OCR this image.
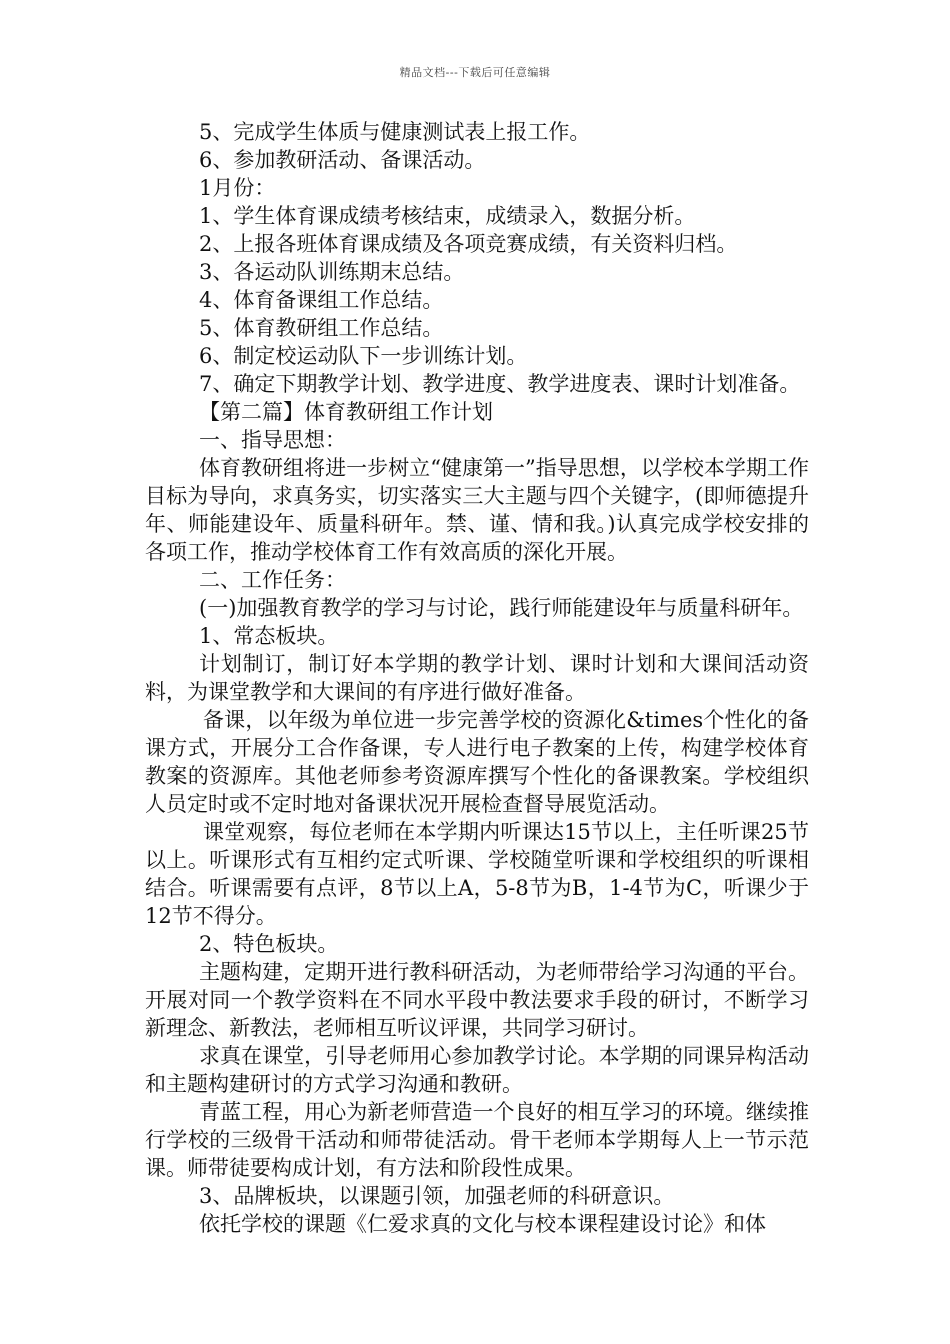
精品文档---下载后可任意编辑

5、完成学生体质与健康测试表上报工作。

6、参加教研活动、备课活动。

1月份：

1、学生体育课成绩考核结束，成绩录入，数据分析。

2、上报各班体育课成绩及各项竞赛成绩，有关资料归档。

3、各运动队训练期末总结。

4、体育备课组工作总结。

5、体育教研组工作总结。

6、制定校运动队下一步训练计划。

7、确定下期教学计划、教学进度、教学进度表、课时计划准备。

【第二篇】体育教研组工作计划

一、指导思想：

体育教研组将进一步树立“健康第一”指导思想，以学校本学期工作目标为导向，求真务实，切实落实三大主题与四个关键字，(即师德提升年、师能建设年、质量科研年。禁、谨、情和我。)认真完成学校安排的各项工作，推动学校体育工作有效高质的深化开展。

二、工作任务：

(一)加强教育教学的学习与讨论，践行师能建设年与质量科研年。

1、常态板块。

计划制订，制订好本学期的教学计划、课时计划和大课间活动资料，为课堂教学和大课间的有序进行做好准备。

备课，以年级为单位进一步完善学校的资源化&times个性化的备课方式，开展分工合作备课，专人进行电子教案的上传，构建学校体育教案的资源库。其他老师参考资源库撰写个性化的备课教案。学校组织人员定时或不定时地对备课状况开展检查督导展览活动。

课堂观察，每位老师在本学期内听课达15节以上，主任听课25节以上。听课形式有互相约定式听课、学校随堂听课和学校组织的听课相结合。听课需要有点评，8节以上A，5-8节为B，1-4节为C，听课少于12节不得分。

2、特色板块。

主题构建，定期开进行教科研活动，为老师带给学习沟通的平台。开展对同一个教学资料在不同水平段中教法要求手段的研讨，不断学习新理念、新教法，老师相互听议评课，共同学习研讨。

求真在课堂，引导老师用心参加教学讨论。本学期的同课异构活动和主题构建研讨的方式学习沟通和教研。

青蓝工程，用心为新老师营造一个良好的相互学习的环境。继续推行学校的三级骨干活动和师带徒活动。骨干老师本学期每人上一节示范课。师带徒要构成计划，有方法和阶段性成果。

3、品牌板块，以课题引领，加强老师的科研意识。

依托学校的课题《仁爱求真的文化与校本课程建设讨论》和体
